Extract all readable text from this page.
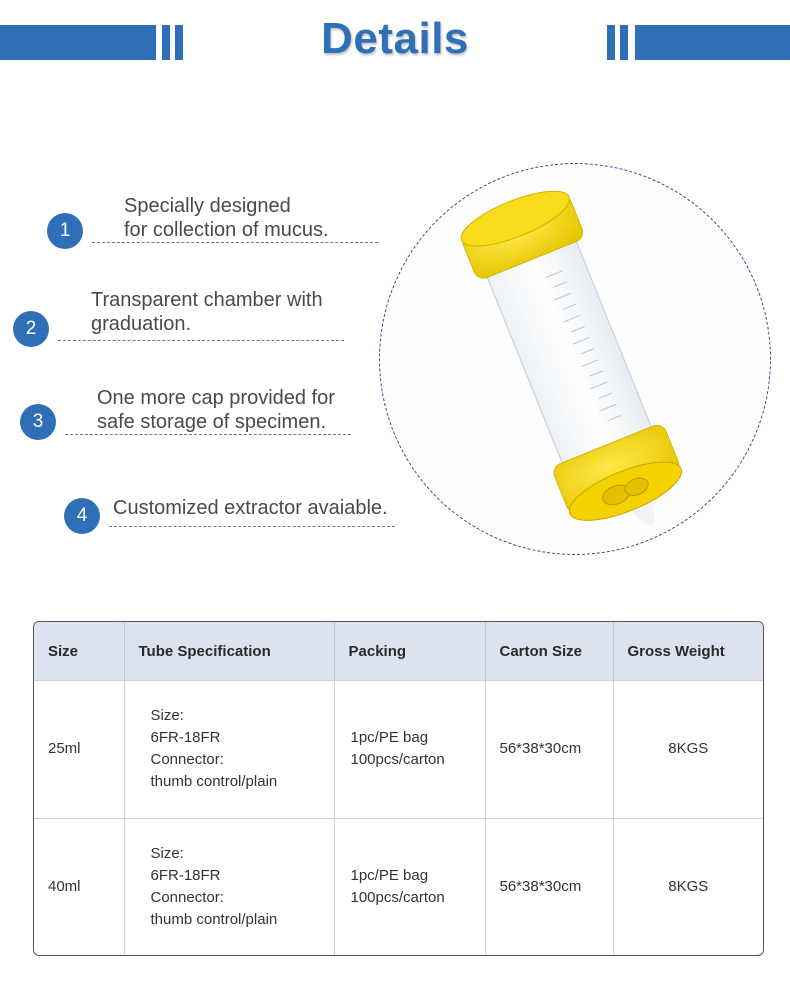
Details
1
Specially designed
for collection of mucus.
2
Transparent chamber with
graduation.
3
One more cap provided for
safe storage of specimen.
4	Customized extractor avaiable.
Size	Tube Specification	Packing	Carton Size	Gross Weight
25ml	Size:
6FR-18FR
Connector:
thumb control/plain	1pc/PE bag
100pcs/carton	56*38*30cm	8KGS
40ml	Size:
6FR-18FR
Connector:
thumb control/plain	1pc/PE bag
100pcs/carton	56*38*30cm	8KGS
